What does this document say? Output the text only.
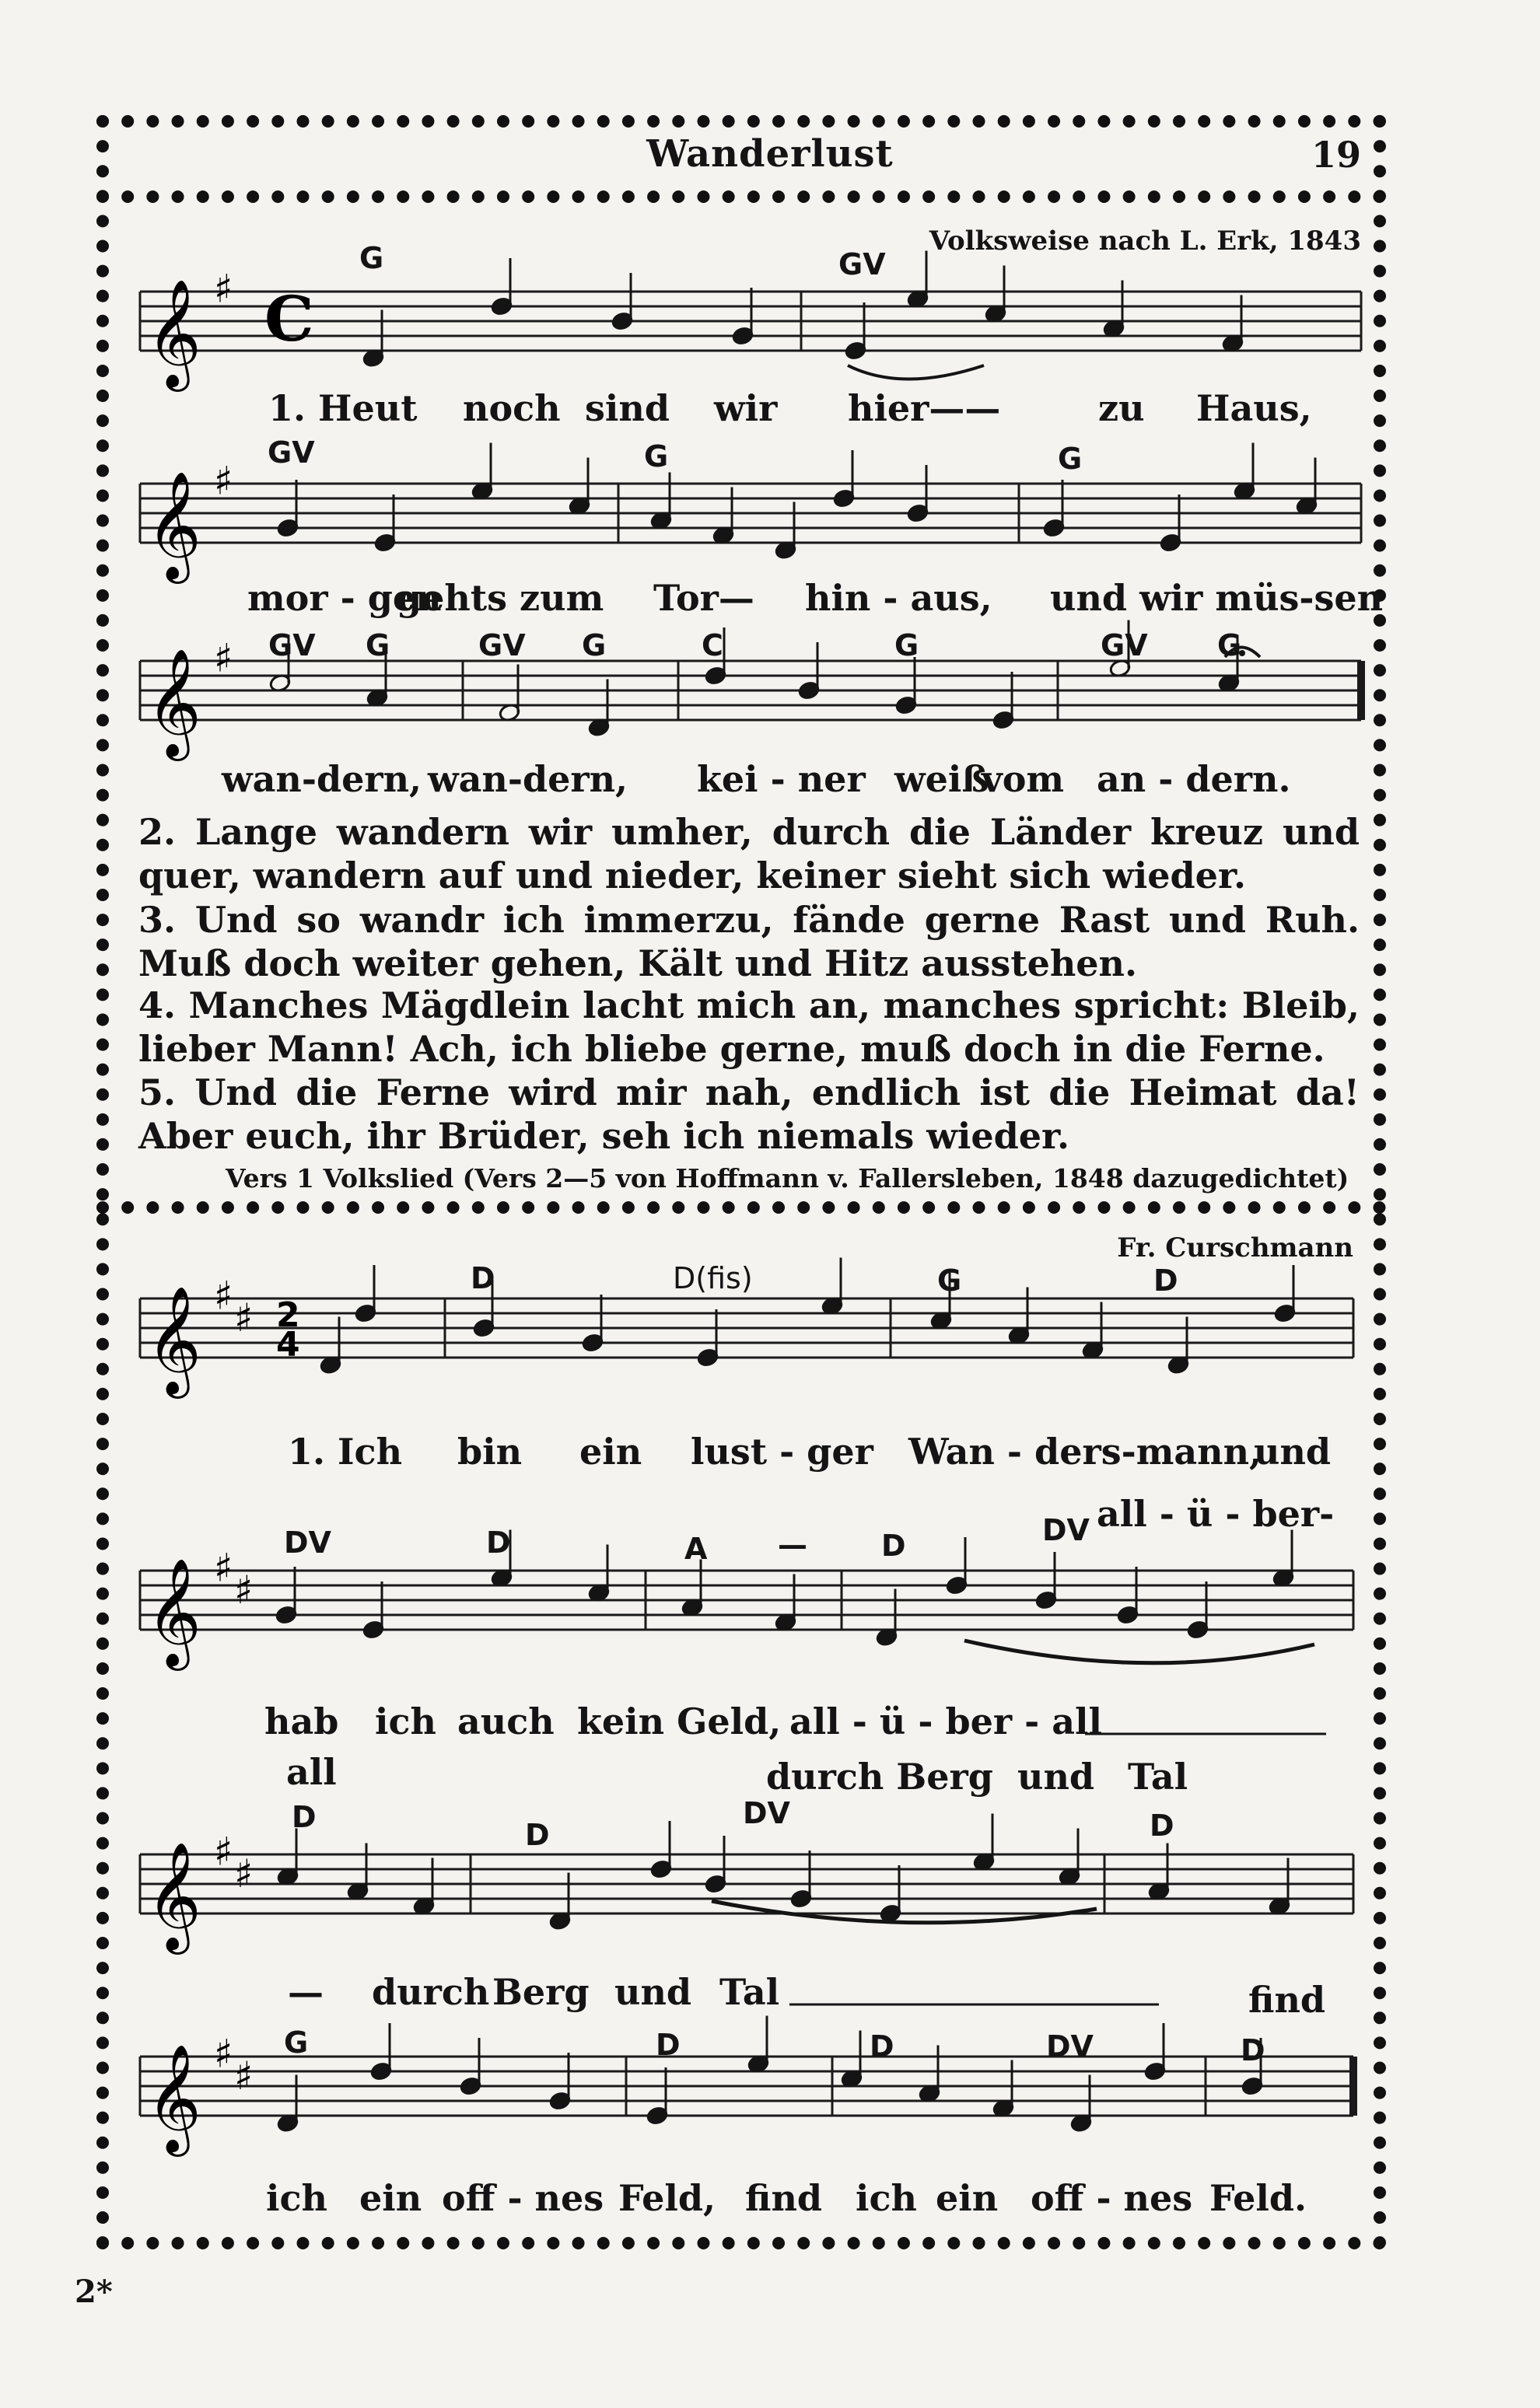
Wanderlust	19
𝄞 ♯ C
𝄞 ♯
𝄞 ♯
𝄞 ♯ ♯ 2
4
𝄞 ♯ ♯
𝄞 ♯ ♯
𝄞 ♯ ♯
Volksweise nach L. Erk, 1843
G	GV
1. Heut noch sind wir hier——	zu Haus,
GV	G	G
mor - gen
gehts zum Tor— hin - aus, und wir müs-sen
GV G	GV G	C	G	GV G
wan-dern, wan-dern, kei - ner weiß
vom an - dern.
2. Lange wandern wir umher, durch die Länder kreuz und quer, wandern auf und nieder, keiner sieht sich wieder.
3. Und so wandr ich immerzu, fände gerne Rast und Ruh. Muß doch weiter gehen, Kält und Hitz ausstehen.
4. Manches Mägdlein lacht mich an, manches spricht: Bleib, lieber Mann! Ach, ich bliebe gerne, muß doch in die Ferne.
5. Und die Ferne wird mir nah, endlich ist die Heimat da! Aber euch, ihr Brüder, seh ich niemals wieder.
Vers 1 Volkslied (Vers 2—5 von Hoffmann v. Fallersleben, 1848 dazugedichtet)
Fr. Curschmann
D	D(fis)	G	D
1. Ich bin ein lust - ger Wan - ders-mann,
und
DV	D	A —	D	DV all - ü - ber-
hab ich auch kein Geld, all - ü - ber - all
all	durch Berg und Tal
D
D
DV	D
— durch Berg und Tal	find
G	D	D	DV	D
ich ein off - nes Feld, find ich ein off - nes Feld.
2*
